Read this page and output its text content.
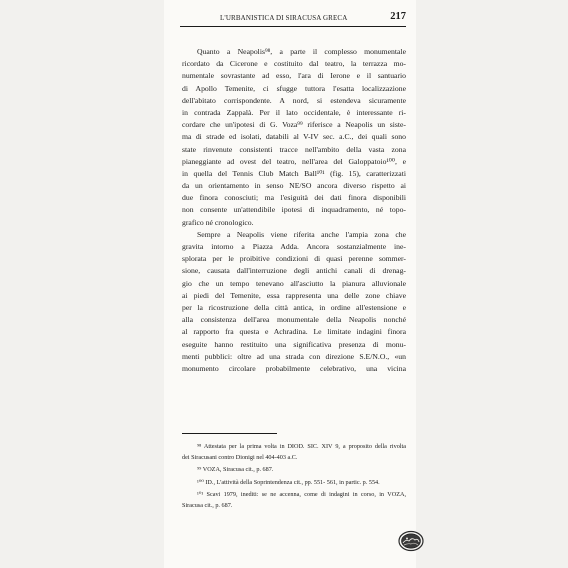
L'URBANISTICA DI SIRACUSA GRECA	217
Quanto a Neapolis⁹⁸, a parte il complesso monumentale
ricordato da Cicerone e costituito dal teatro, la terrazza mo-
numentale sovrastante ad esso, l'ara di Ierone e il santuario
di Apollo Temenite, ci sfugge tuttora l'esatta localizzazione
dell'abitato corrispondente. A nord, si estendeva sicuramente
in contrada Zappalà. Per il lato occidentale, è interessante ri-
cordare che un'ipotesi di G. Voza⁹⁹ riferisce a Neapolis un siste-
ma di strade ed isolati, databili al V-IV sec. a.C., dei quali sono
state rinvenute consistenti tracce nell'ambito della vasta zona
pianeggiante ad ovest del teatro, nell'area del Galoppatoio¹⁰⁰, e
in quella del Tennis Club Match Ball¹⁰¹ (fig. 15), caratterizzati
da un orientamento in senso NE/SO ancora diverso rispetto ai
due finora conosciuti; ma l'esiguità dei dati finora disponibili
non consente un'attendibile ipotesi di inquadramento, né topo-
grafico né cronologico.
Sempre a Neapolis viene riferita anche l'ampia zona che
gravita intorno a Piazza Adda. Ancora sostanzialmente ine-
splorata per le proibitive condizioni di quasi perenne sommer-
sione, causata dall'interruzione degli antichi canali di drenag-
gio che un tempo tenevano all'asciutto la pianura alluvionale
ai piedi del Temenite, essa rappresenta una delle zone chiave
per la ricostruzione della città antica, in ordine all'estensione e
alla consistenza dell'area monumentale della Neapolis nonché
al rapporto fra questa e Achradina. Le limitate indagini finora
eseguite hanno restituito una significativa presenza di monu-
menti pubblici: oltre ad una strada con direzione S.E/N.O., «un
monumento circolare probabilmente celebrativo, una vicina
⁹⁸ Attestata per la prima volta in DIOD. SIC. XIV 9, a proposito della rivolta
dei Siracusani contro Dionigi nel 404-403 a.C.
⁹⁹ VOZA, Siracusa cit., p. 687.
¹⁰⁰ ID., L'attività della Soprintendenza cit., pp. 551- 561, in partic. p. 554.
¹⁰¹ Scavi 1979, inediti: se ne accenna, come di indagini in corso, in VOZA,
Siracusa cit., p. 687.
